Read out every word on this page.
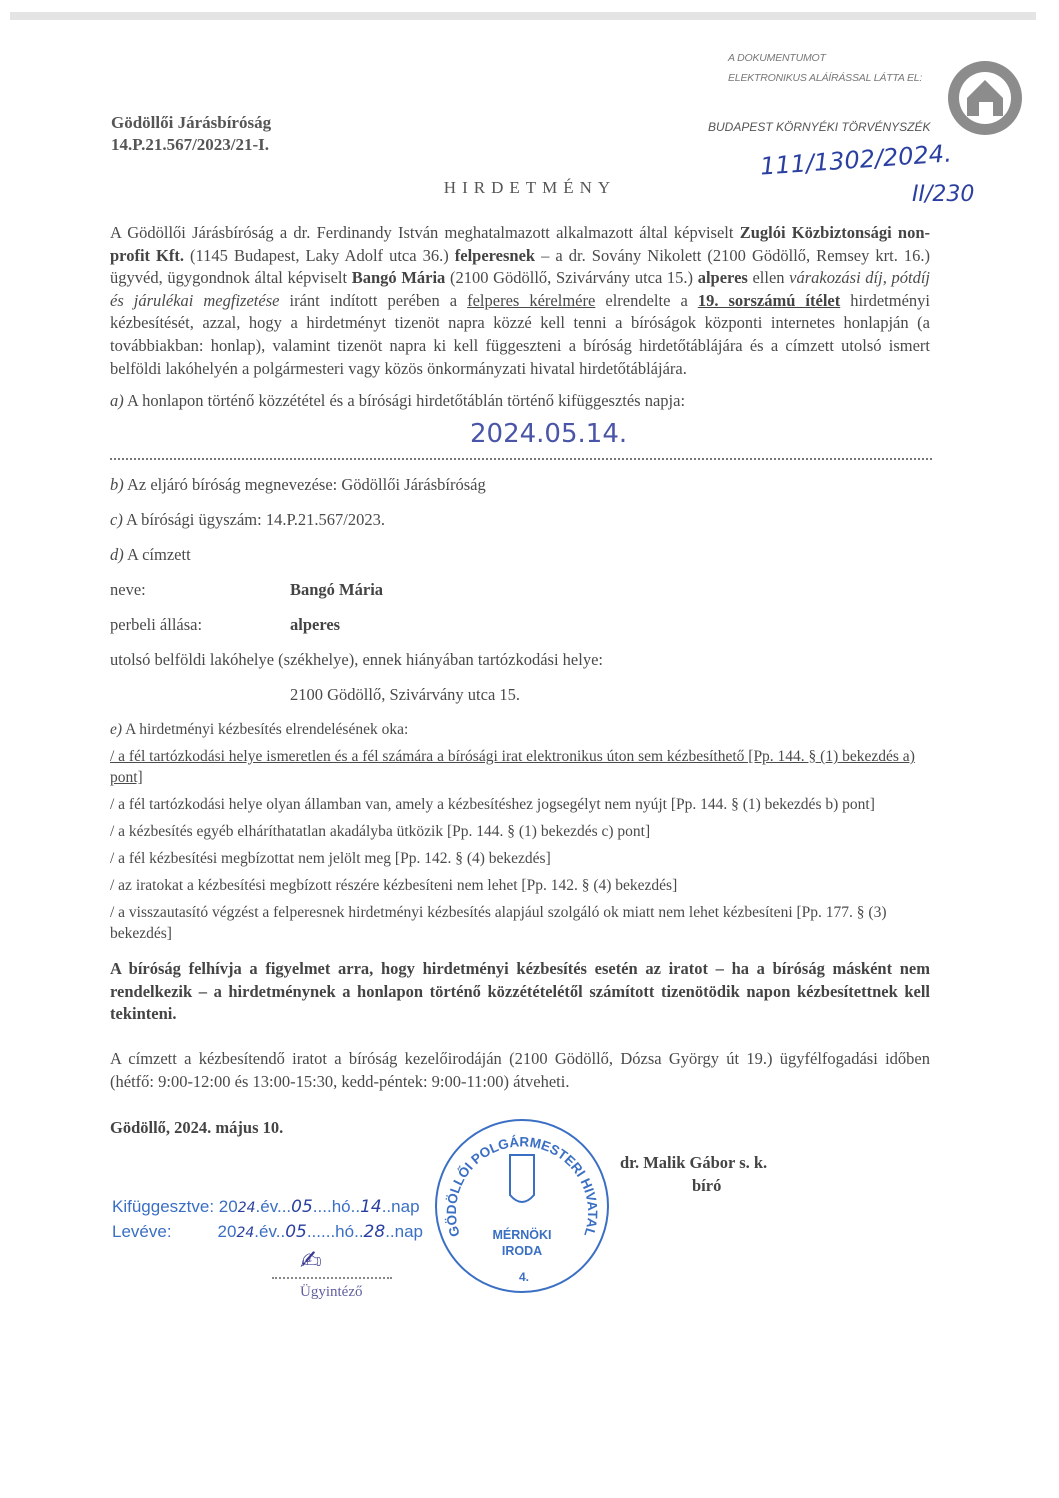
Gödöllői Járásbíróság
14.P.21.567/2023/21-I.
A DOKUMENTUMOT
ELEKTRONIKUS ALÁÍRÁSSAL LÁTTA EL:
BUDAPEST KÖRNYÉKI TÖRVÉNYSZÉK
111/1302/2024.
II/230
HIRDETMÉNY
A Gödöllői Járásbíróság a dr. Ferdinandy István meghatalmazott alkalmazott által képviselt Zuglói Közbiztonsági non-profit Kft. (1145 Budapest, Laky Adolf utca 36.) felperesnek – a dr. Sovány Nikolett (2100 Gödöllő, Remsey krt. 16.) ügyvéd, ügygondnok által képviselt Bangó Mária (2100 Gödöllő, Szivárvány utca 15.) alperes ellen várakozási díj, pótdíj és járulékai megfizetése iránt indított perében a felperes kérelmére elrendelte a 19. sorszámú ítélet hirdetményi kézbesítését, azzal, hogy a hirdetményt tizenöt napra közzé kell tenni a bíróságok központi internetes honlapján (a továbbiakban: honlap), valamint tizenöt napra ki kell függeszteni a bíróság hirdetőtáblájára és a címzett utolsó ismert belföldi lakóhelyén a polgármesteri vagy közös önkormányzati hivatal hirdetőtáblájára.
a) A honlapon történő közzététel és a bírósági hirdetőtáblán történő kifüggesztés napja:
2024.05.14.
b) Az eljáró bíróság megnevezése: Gödöllői Járásbíróság
c) A bírósági ügyszám: 14.P.21.567/2023.
d) A címzett
neve:	Bangó Mária
perbeli állása:	alperes
utolsó belföldi lakóhelye (székhelye), ennek hiányában tartózkodási helye:
2100 Gödöllő, Szivárvány utca 15.

e) A hirdetményi kézbesítés elrendelésének oka:

/ a fél tartózkodási helye ismeretlen és a fél számára a bírósági irat elektronikus úton sem kézbesíthető [Pp. 144. § (1) bekezdés a) pont]

/ a fél tartózkodási helye olyan államban van, amely a kézbesítéshez jogsegélyt nem nyújt [Pp. 144. § (1) bekezdés b) pont]

/ a kézbesítés egyéb elháríthatatlan akadályba ütközik [Pp. 144. § (1) bekezdés c) pont]

/ a fél kézbesítési megbízottat nem jelölt meg [Pp. 142. § (4) bekezdés]

/ az iratokat a kézbesítési megbízott részére kézbesíteni nem lehet [Pp. 142. § (4) bekezdés]

/ a visszautasító végzést a felperesnek hirdetményi kézbesítés alapjául szolgáló ok miatt nem lehet kézbesíteni [Pp. 177. § (3) bekezdés]

A bíróság felhívja a figyelmet arra, hogy hirdetményi kézbesítés esetén az iratot – ha a bíróság másként nem rendelkezik – a hirdetménynek a honlapon történő közzétételétől számított tizenötödik napon kézbesítettnek kell tekinteni.
A címzett a kézbesítendő iratot a bíróság kezelőirodáján (2100 Gödöllő, Dózsa György út 19.) ügyfélfogadási időben (hétfő: 9:00-12:00 és 13:00-15:30, kedd-péntek: 9:00-11:00) átveheti.
Gödöllő, 2024. május 10.
dr. Malik Gábor s. k.
bíró
Kifüggesztve: 2024.év...05....hó..14..nap
Levéve:	2024.év..05......hó..28..nap
✍
Ügyintéző
GÖDÖLLŐI POLGÁRMESTERI HIVATAL
MÉRNÖKI
IRODA
4.
